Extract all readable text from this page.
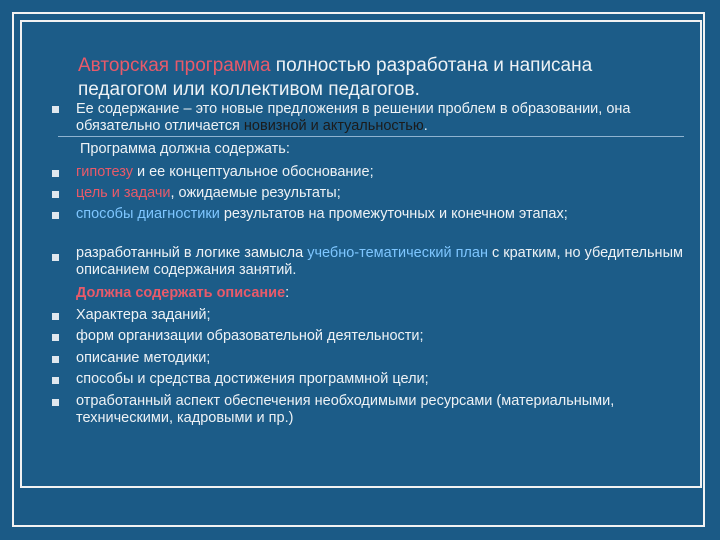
Авторская программа полностью разработана и написана педагогом или коллективом педагогов.
Ее содержание – это новые предложения в решении проблем в образовании, она обязательно отличается новизной и актуальностью.
Программа должна содержать:
гипотезу и ее концептуальное обоснование;
цель и задачи, ожидаемые результаты;
способы диагностики результатов на промежуточных и конечном этапах;
разработанный в логике замысла учебно-тематический план с кратким, но убедительным описанием содержания занятий.
Должна содержать описание:
Характера заданий;
форм организации образовательной деятельности;
описание методики;
способы и средства достижения программной цели;
отработанный аспект обеспечения необходимыми ресурсами (материальными, техническими, кадровыми и пр.)
